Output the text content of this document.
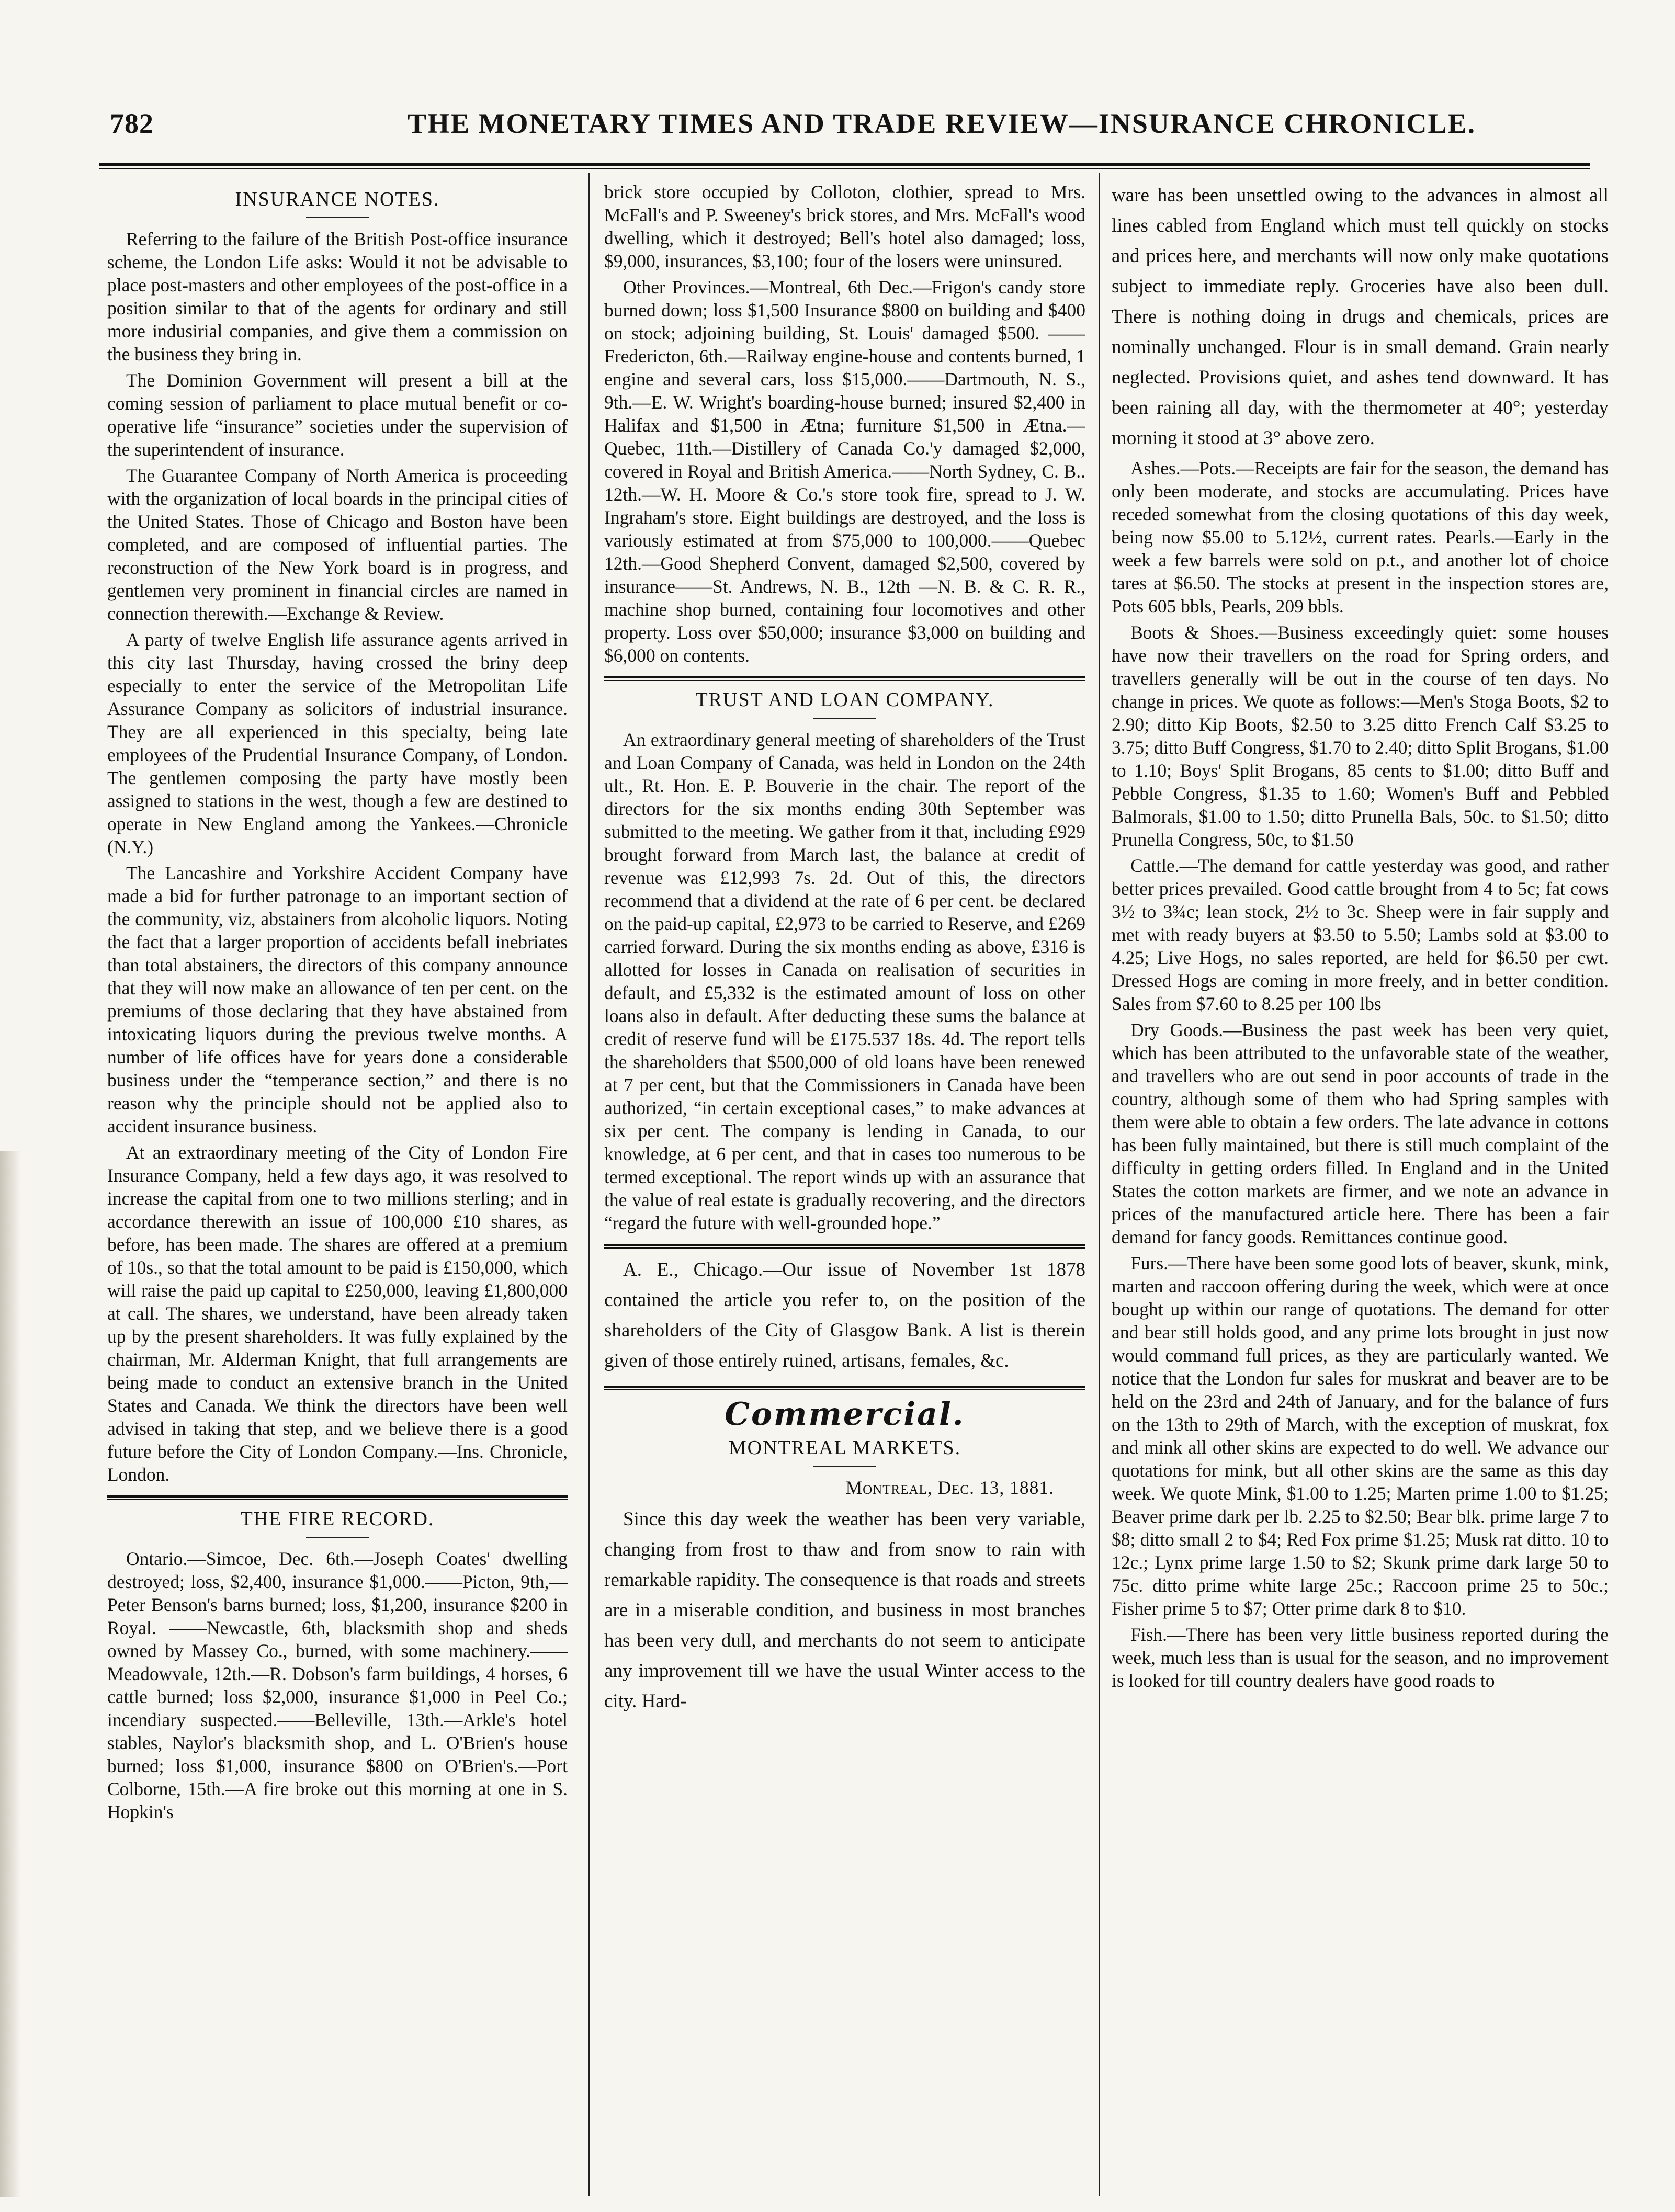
782	THE MONETARY TIMES AND TRADE REVIEW—INSURANCE CHRONICLE.
INSURANCE NOTES.

Referring to the failure of the British Post-office insurance scheme, the London Life asks: Would it not be advisable to place post-masters and other employees of the post-office in a position similar to that of the agents for ordinary and still more indusirial companies, and give them a commission on the business they bring in.

The Dominion Government will present a bill at the coming session of parliament to place mutual benefit or co-operative life “insurance” societies under the supervision of the superintendent of insurance.

The Guarantee Company of North America is proceeding with the organization of local boards in the principal cities of the United States. Those of Chicago and Boston have been completed, and are composed of influential parties. The reconstruction of the New York board is in progress, and gentlemen very prominent in financial circles are named in connection therewith.—Exchange & Review.

A party of twelve English life assurance agents arrived in this city last Thursday, having crossed the briny deep especially to enter the service of the Metropolitan Life Assurance Company as solicitors of industrial insurance. They are all experienced in this specialty, being late employees of the Prudential Insurance Company, of London. The gentlemen composing the party have mostly been assigned to stations in the west, though a few are destined to operate in New England among the Yankees.—Chronicle (N.Y.)

The Lancashire and Yorkshire Accident Company have made a bid for further patronage to an important section of the community, viz, abstainers from alcoholic liquors. Noting the fact that a larger proportion of accidents befall inebriates than total abstainers, the directors of this company announce that they will now make an allowance of ten per cent. on the premiums of those declaring that they have abstained from intoxicating liquors during the previous twelve months. A number of life offices have for years done a considerable business under the “temperance section,” and there is no reason why the principle should not be applied also to accident insurance business.

At an extraordinary meeting of the City of London Fire Insurance Company, held a few days ago, it was resolved to increase the capital from one to two millions sterling; and in accordance therewith an issue of 100,000 £10 shares, as before, has been made. The shares are offered at a premium of 10s., so that the total amount to be paid is £150,000, which will raise the paid up capital to £250,000, leaving £1,800,000 at call. The shares, we understand, have been already taken up by the present shareholders. It was fully explained by the chairman, Mr. Alderman Knight, that full arrangements are being made to conduct an extensive branch in the United States and Canada. We think the directors have been well advised in taking that step, and we believe there is a good future before the City of London Company.—Ins. Chronicle, London.

THE FIRE RECORD.

Ontario.—Simcoe, Dec. 6th.—Joseph Coates' dwelling destroyed; loss, $2,400, insurance $1,000.——Picton, 9th,—Peter Benson's barns burned; loss, $1,200, insurance $200 in Royal. ——Newcastle, 6th, blacksmith shop and sheds owned by Massey Co., burned, with some machinery.——Meadowvale, 12th.—R. Dobson's farm buildings, 4 horses, 6 cattle burned; loss $2,000, insurance $1,000 in Peel Co.; incendiary suspected.——Belleville, 13th.—Arkle's hotel stables, Naylor's blacksmith shop, and L. O'Brien's house burned; loss $1,000, insurance $800 on O'Brien's.—Port Colborne, 15th.—A fire broke out this morning at one in S. Hopkin's

brick store occupied by Colloton, clothier, spread to Mrs. McFall's and P. Sweeney's brick stores, and Mrs. McFall's wood dwelling, which it destroyed; Bell's hotel also damaged; loss, $9,000, insurances, $3,100; four of the losers were uninsured.

Other Provinces.—Montreal, 6th Dec.—Frigon's candy store burned down; loss $1,500 Insurance $800 on building and $400 on stock; adjoining building, St. Louis' damaged $500. ——Fredericton, 6th.—Railway engine-house and contents burned, 1 engine and several cars, loss $15,000.——Dartmouth, N. S., 9th.—E. W. Wright's boarding-house burned; insured $2,400 in Halifax and $1,500 in Ætna; furniture $1,500 in Ætna.— Quebec, 11th.—Distillery of Canada Co.'y damaged $2,000, covered in Royal and British America.——North Sydney, C. B.. 12th.—W. H. Moore & Co.'s store took fire, spread to J. W. Ingraham's store. Eight buildings are destroyed, and the loss is variously estimated at from $75,000 to 100,000.——Quebec 12th.—Good Shepherd Convent, damaged $2,500, covered by insurance——St. Andrews, N. B., 12th —N. B. & C. R. R., machine shop burned, containing four locomotives and other property. Loss over $50,000; insurance $3,000 on building and $6,000 on contents.

TRUST AND LOAN COMPANY.

An extraordinary general meeting of shareholders of the Trust and Loan Company of Canada, was held in London on the 24th ult., Rt. Hon. E. P. Bouverie in the chair. The report of the directors for the six months ending 30th September was submitted to the meeting. We gather from it that, including £929 brought forward from March last, the balance at credit of revenue was £12,993 7s. 2d. Out of this, the directors recommend that a dividend at the rate of 6 per cent. be declared on the paid-up capital, £2,973 to be carried to Reserve, and £269 carried forward. During the six months ending as above, £316 is allotted for losses in Canada on realisation of securities in default, and £5,332 is the estimated amount of loss on other loans also in default. After deducting these sums the balance at credit of reserve fund will be £175.537 18s. 4d. The report tells the shareholders that $500,000 of old loans have been renewed at 7 per cent, but that the Commissioners in Canada have been authorized, “in certain exceptional cases,” to make advances at six per cent. The company is lending in Canada, to our knowledge, at 6 per cent, and that in cases too numerous to be termed exceptional. The report winds up with an assurance that the value of real estate is gradually recovering, and the directors “regard the future with well-grounded hope.”

A. E., Chicago.—Our issue of November 1st 1878 contained the article you refer to, on the position of the shareholders of the City of Glasgow Bank. A list is therein given of those entirely ruined, artisans, females, &c.

Commercial.
MONTREAL MARKETS.

Montreal, Dec. 13, 1881.

Since this day week the weather has been very variable, changing from frost to thaw and from snow to rain with remarkable rapidity. The consequence is that roads and streets are in a miserable condition, and business in most branches has been very dull, and merchants do not seem to anticipate any improvement till we have the usual Winter access to the city. Hard-

ware has been unsettled owing to the advances in almost all lines cabled from England which must tell quickly on stocks and prices here, and merchants will now only make quotations subject to immediate reply. Groceries have also been dull. There is nothing doing in drugs and chemicals, prices are nominally unchanged. Flour is in small demand. Grain nearly neglected. Provisions quiet, and ashes tend downward. It has been raining all day, with the thermometer at 40°; yesterday morning it stood at 3° above zero.

Ashes.—Pots.—Receipts are fair for the season, the demand has only been moderate, and stocks are accumulating. Prices have receded somewhat from the closing quotations of this day week, being now $5.00 to 5.12½, current rates. Pearls.—Early in the week a few barrels were sold on p.t., and another lot of choice tares at $6.50. The stocks at present in the inspection stores are, Pots 605 bbls, Pearls, 209 bbls.

Boots & Shoes.—Business exceedingly quiet: some houses have now their travellers on the road for Spring orders, and travellers generally will be out in the course of ten days. No change in prices. We quote as follows:—Men's Stoga Boots, $2 to 2.90; ditto Kip Boots, $2.50 to 3.25 ditto French Calf $3.25 to 3.75; ditto Buff Congress, $1.70 to 2.40; ditto Split Brogans, $1.00 to 1.10; Boys' Split Brogans, 85 cents to $1.00; ditto Buff and Pebble Congress, $1.35 to 1.60; Women's Buff and Pebbled Balmorals, $1.00 to 1.50; ditto Prunella Bals, 50c. to $1.50; ditto Prunella Congress, 50c, to $1.50

Cattle.—The demand for cattle yesterday was good, and rather better prices prevailed. Good cattle brought from 4 to 5c; fat cows 3½ to 3¾c; lean stock, 2½ to 3c. Sheep were in fair supply and met with ready buyers at $3.50 to 5.50; Lambs sold at $3.00 to 4.25; Live Hogs, no sales reported, are held for $6.50 per cwt. Dressed Hogs are coming in more freely, and in better condition. Sales from $7.60 to 8.25 per 100 lbs

Dry Goods.—Business the past week has been very quiet, which has been attributed to the unfavorable state of the weather, and travellers who are out send in poor accounts of trade in the country, although some of them who had Spring samples with them were able to obtain a few orders. The late advance in cottons has been fully maintained, but there is still much complaint of the difficulty in getting orders filled. In England and in the United States the cotton markets are firmer, and we note an advance in prices of the manufactured article here. There has been a fair demand for fancy goods. Remittances continue good.

Furs.—There have been some good lots of beaver, skunk, mink, marten and raccoon offering during the week, which were at once bought up within our range of quotations. The demand for otter and bear still holds good, and any prime lots brought in just now would command full prices, as they are particularly wanted. We notice that the London fur sales for muskrat and beaver are to be held on the 23rd and 24th of January, and for the balance of furs on the 13th to 29th of March, with the exception of muskrat, fox and mink all other skins are expected to do well. We advance our quotations for mink, but all other skins are the same as this day week. We quote Mink, $1.00 to 1.25; Marten prime 1.00 to $1.25; Beaver prime dark per lb. 2.25 to $2.50; Bear blk. prime large 7 to $8; ditto small 2 to $4; Red Fox prime $1.25; Musk rat ditto. 10 to 12c.; Lynx prime large 1.50 to $2; Skunk prime dark large 50 to 75c. ditto prime white large 25c.; Raccoon prime 25 to 50c.; Fisher prime 5 to $7; Otter prime dark 8 to $10.

Fish.—There has been very little business reported during the week, much less than is usual for the season, and no improvement is looked for till country dealers have good roads to
